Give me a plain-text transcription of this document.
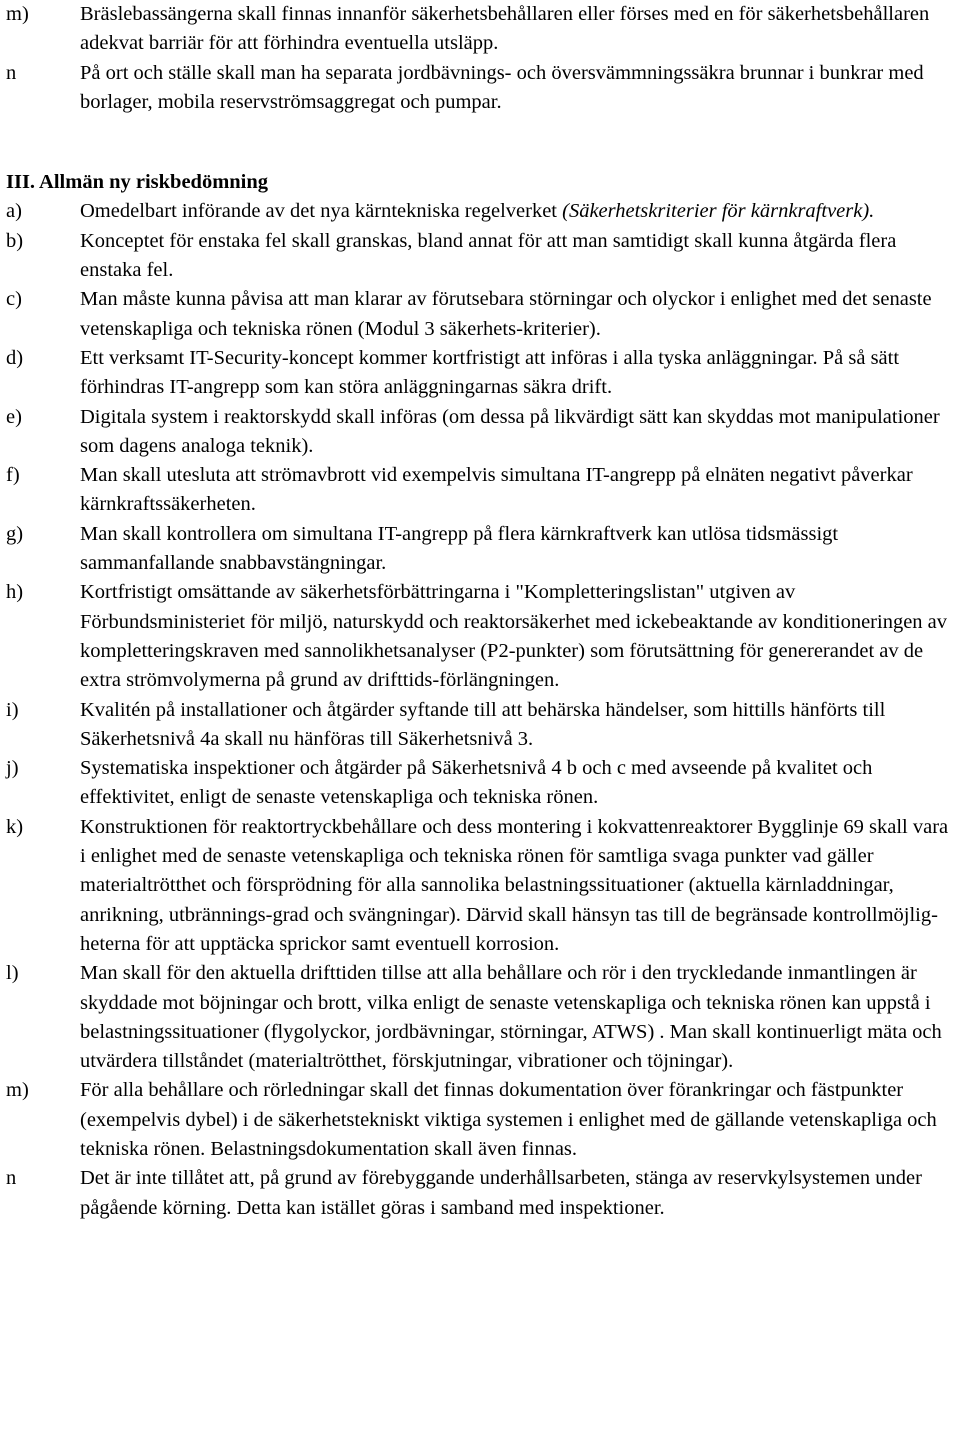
m) Bräslebassängerna skall finnas innanför säkerhetsbehållaren eller förses med en för säkerhetsbehållaren adekvat barriär för att förhindra eventuella utsläpp.
n	På ort och ställe skall man ha separata jordbävnings- och översvämmningssäkra brunnar i bunkrar med borlager, mobila reservströmsaggregat och pumpar.
III. Allmän ny riskbedömning
a)	Omedelbart införande av det nya kärntekniska regelverket (Säkerhetskriterier för kärnkraftverk).
b)	Konceptet för enstaka fel skall granskas, bland annat för att man samtidigt skall kunna åtgärda flera enstaka fel.
c)	Man måste kunna påvisa att man klarar av förutsebara störningar och olyckor i enlighet med det senaste vetenskapliga och tekniska rönen (Modul 3 säkerhets-kriterier).
d)	Ett verksamt IT-Security-koncept kommer kortfristigt att införas i alla tyska anläggningar. På så sätt förhindras IT-angrepp som kan störa anläggningarnas säkra drift.
e)	Digitala system i reaktorskydd skall införas (om dessa på likvärdigt sätt kan skyddas mot manipulationer som dagens analoga teknik).
f)	Man skall utesluta att strömavbrott vid exempelvis simultana IT-angrepp på elnäten negativt påverkar kärnkraftssäkerheten.
g)	Man skall kontrollera om simultana IT-angrepp på flera kärnkraftverk kan utlösa tidsmässigt sammanfallande snabbavstängningar.
h)	Kortfristigt omsättande av säkerhetsförbättringarna i "Kompletteringslistan" utgiven av Förbundsministeriet för miljö, naturskydd och reaktorsäkerhet med ickebeaktande av konditioneringen av kompletteringskraven med sannolikhetsanalyser (P2-punkter) som förutsättning för genererandet av de extra strömvolymerna på grund av drifttids-förlängningen.
i)	Kvalitén på installationer och åtgärder syftande till att behärska händelser, som hittills hänförts till Säkerhetsnivå 4a skall nu hänföras till Säkerhetsnivå 3.
j)	Systematiska inspektioner och åtgärder på Säkerhetsnivå 4 b och c med avseende på kvalitet och effektivitet, enligt de senaste vetenskapliga och tekniska rönen.
k)	Konstruktionen för reaktortryckbehållare och dess montering i kokvattenreaktorer Bygglinje 69 skall vara i enlighet med de senaste vetenskapliga och tekniska rönen för samtliga svaga punkter vad gäller materialtrötthet och försprödning för alla sannolika belastningssituationer (aktuella kärnladdningar, anrikning, utbrännings-grad och svängningar). Därvid skall hänsyn tas till de begränsade kontrollmöjlig-heterna för att upptäcka sprickor samt eventuell korrosion.
l)	Man skall för den aktuella drifttiden tillse att alla behållare och rör i den tryckledande inmantlingen är skyddade mot böjningar och brott, vilka enligt de senaste vetenskapliga och tekniska rönen kan uppstå i belastningssituationer (flygolyckor, jordbävningar, störningar, ATWS) . Man skall kontinuerligt mäta och utvärdera tillståndet (materialtrötthet, förskjutningar, vibrationer och töjningar).
m) För alla behållare och rörledningar skall det finnas dokumentation över förankringar och fästpunkter (exempelvis dybel) i de säkerhetstekniskt viktiga systemen i enlighet med de gällande vetenskapliga och tekniska rönen. Belastningsdokumentation skall även finnas.
n	Det är inte tillåtet att, på grund av förebyggande underhållsarbeten, stänga av reservkylsystemen under pågående körning. Detta kan istället göras i samband med inspektioner.
